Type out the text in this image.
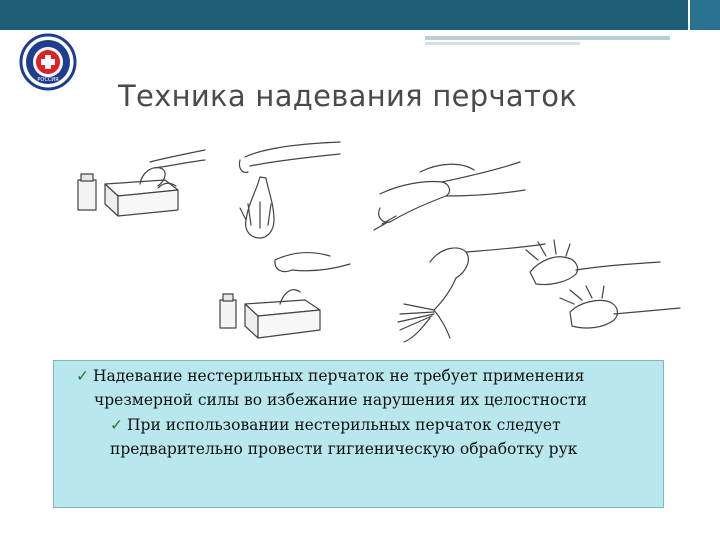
РОССИЯ Техника надевания перчаток
✓ Надевание нестерильных перчаток не требует применения
чрезмерной силы во избежание нарушения их целостности
✓ При использовании нестерильных перчаток следует
предварительно провести гигиеническую обработку рук
